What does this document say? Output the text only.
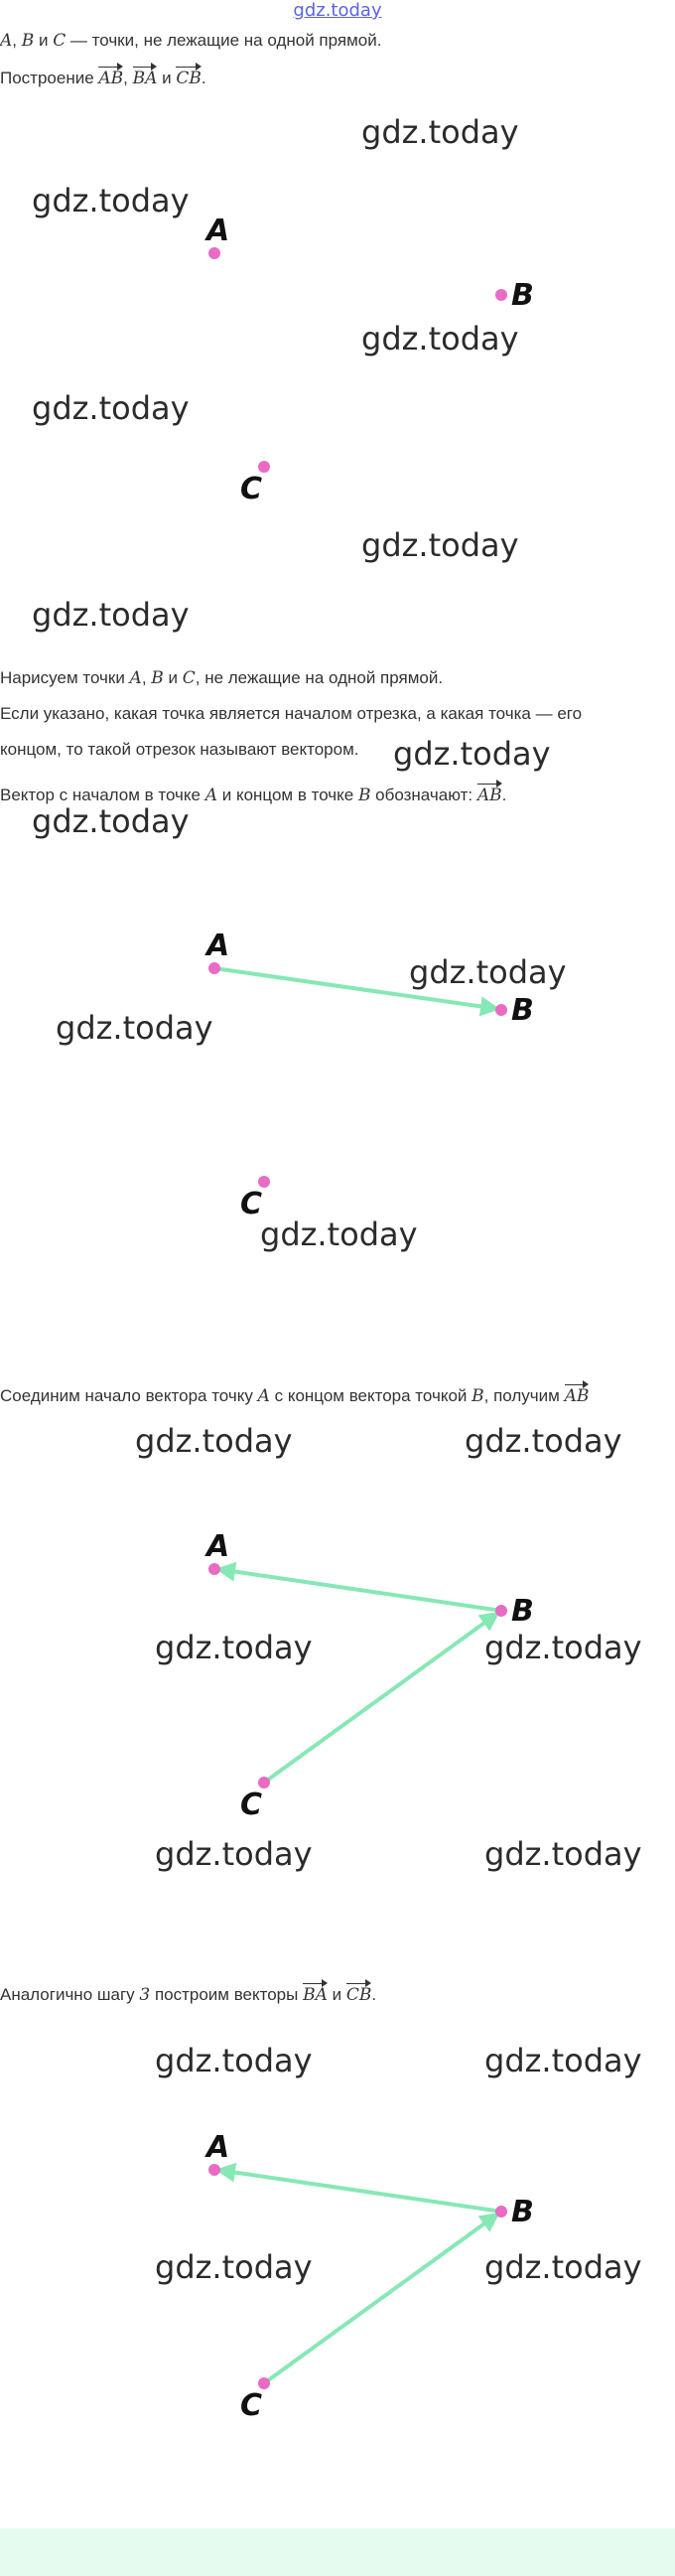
gdz.today
A, B и C — точки, не лежащие на одной прямой.
Построение AB, BA и CB.
A
B
C
Нарисуем точки A, B и C, не лежащие на одной прямой.
Если указано, какая точка является началом отрезка, а какая точка — его
концом, то такой отрезок называют вектором.
Вектор с началом в точке A и концом в точке B обозначают: AB.
A
B
C
Соединим начало вектора точку A с концом вектора точкой B, получим AB
A
B
C
Аналогично шагу 3 построим векторы BA и CB.
A
B
C
gdz.today
gdz.today
gdz.today
gdz.today
gdz.today
gdz.today
gdz.today
gdz.today
gdz.today
gdz.today
gdz.today
gdz.today	gdz.today
gdz.today	gdz.today
gdz.today	gdz.today
gdz.today	gdz.today
gdz.today	gdz.today
